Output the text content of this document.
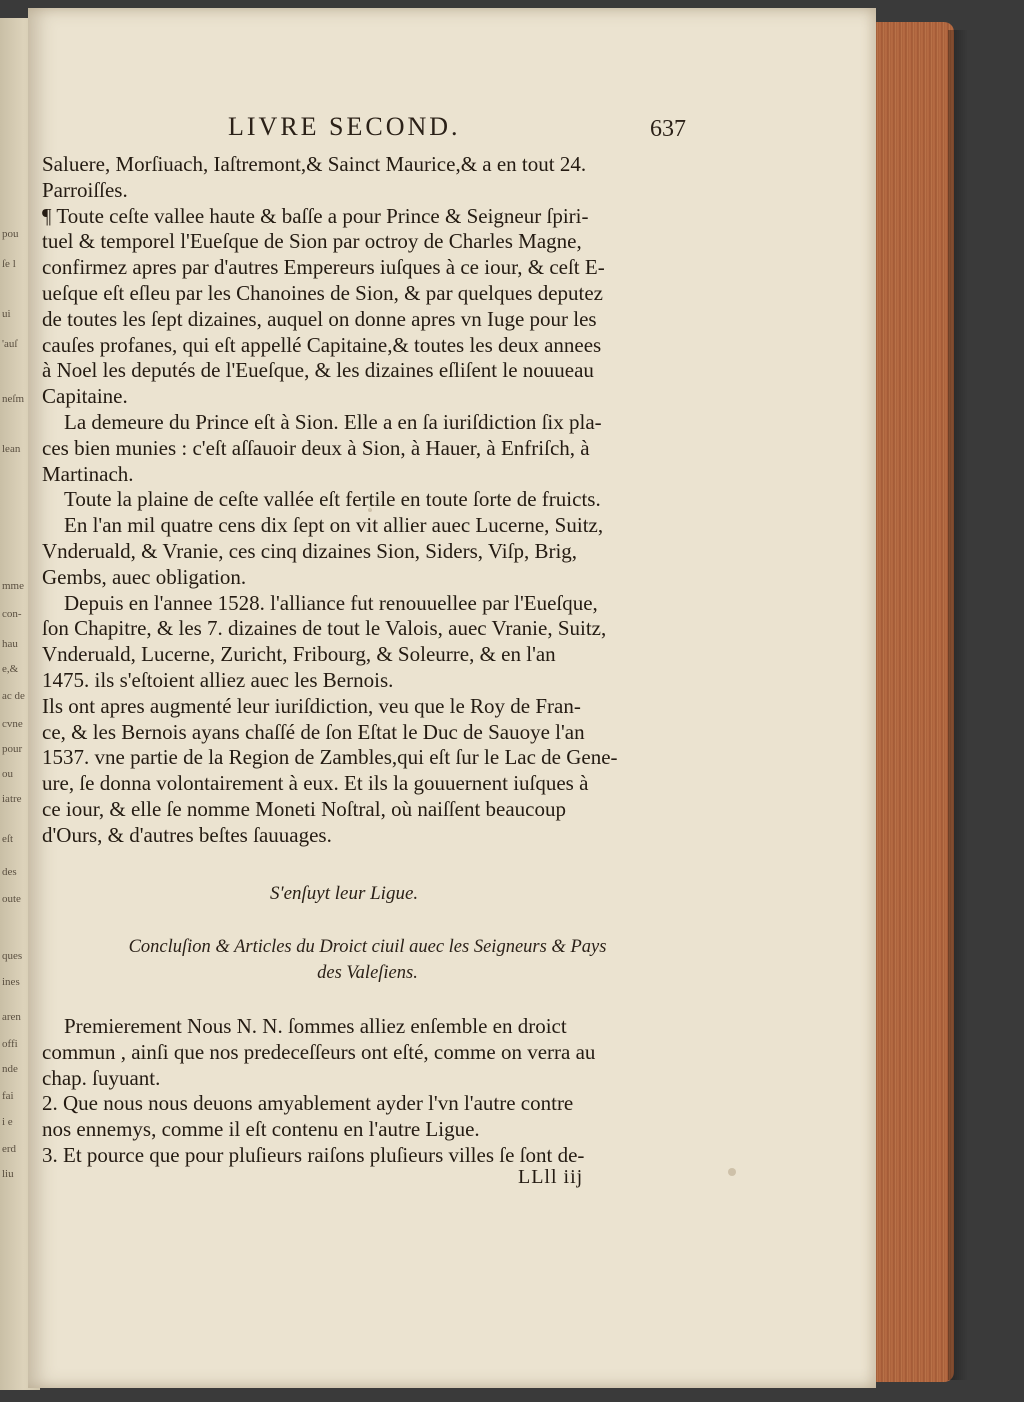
pou
ſe l
ui
'auſ
neſm
lean
mme
con-
hau
e,&
ac de
cvne
pour
ou
iatre
eſt
des
oute
ques
ines
aren
offi
nde
fai
i e
erd
liu
LIVRE SECOND.	637
Saluere, Morſiuach, Iaſtremont,& Sainct Maurice,& a en tout 24.
Parroiſſes.
¶ Toute ceſte vallee haute & baſſe a pour Prince & Seigneur ſpiri-
tuel & temporel l'Eueſque de Sion par octroy de Charles Magne,
confirmez apres par d'autres Empereurs iuſques à ce iour, & ceſt E-
ueſque eſt eſleu par les Chanoines de Sion, & par quelques deputez
de toutes les ſept dizaines, auquel on donne apres vn Iuge pour les
cauſes profanes, qui eſt appellé Capitaine,& toutes les deux annees
à Noel les deputés de l'Eueſque, & les dizaines eſliſent le nouueau
Capitaine.
La demeure du Prince eſt à Sion. Elle a en ſa iuriſdiction ſix pla-
ces bien munies : c'eſt aſſauoir deux à Sion, à Hauer, à Enfriſch, à
Martinach.
Toute la plaine de ceſte vallée eſt fertile en toute ſorte de fruicts.
En l'an mil quatre cens dix ſept on vit allier auec Lucerne, Suitz,
Vnderuald, & Vranie, ces cinq dizaines Sion, Siders, Viſp, Brig,
Gembs, auec obligation.
Depuis en l'annee 1528. l'alliance fut renouuellee par l'Eueſque,
ſon Chapitre, & les 7. dizaines de tout le Valois, auec Vranie, Suitz,
Vnderuald, Lucerne, Zuricht, Fribourg, & Soleurre, & en l'an
1475. ils s'eſtoient alliez auec les Bernois.
Ils ont apres augmenté leur iuriſdiction, veu que le Roy de Fran-
ce, & les Bernois ayans chaſſé de ſon Eſtat le Duc de Sauoye l'an
1537. vne partie de la Region de Zambles,qui eſt ſur le Lac de Gene-
ure, ſe donna volontairement à eux. Et ils la gouuernent iuſques à
ce iour, & elle ſe nomme Moneti Noſtral, où naiſſent beaucoup
d'Ours, & d'autres beſtes ſauuages.
S'enſuyt leur Ligue.
Concluſion & Articles du Droict ciuil auec les Seigneurs & Pays
des Valeſiens.
Premierement Nous N. N. ſommes alliez enſemble en droict
commun , ainſi que nos predeceſſeurs ont eſté, comme on verra au
chap. ſuyuant.
2. Que nous nous deuons amyablement ayder l'vn l'autre contre
nos ennemys, comme il eſt contenu en l'autre Ligue.
3. Et pource que pour pluſieurs raiſons pluſieurs villes ſe ſont de-
LLll iij
